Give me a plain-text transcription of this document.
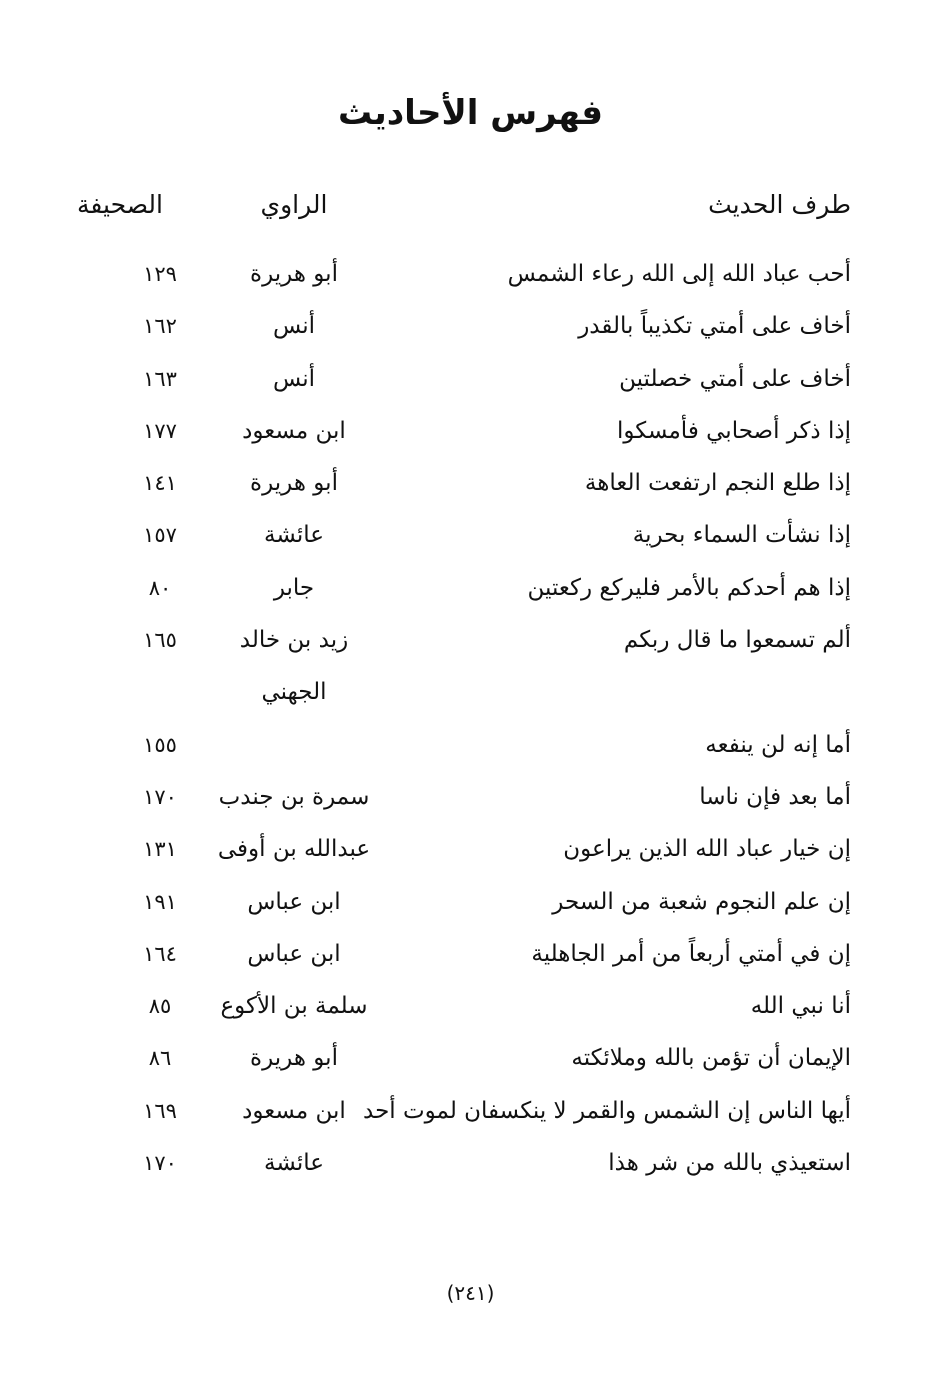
فهرس الأحاديث
طرف الحديث
الراوي
الصحيفة
أحب عباد الله إلى الله رعاء الشمس
أبو هريرة
١٢٩
أخاف على أمتي تكذيباً بالقدر
أنس
١٦٢
أخاف على أمتي خصلتين
أنس
١٦٣
إذا ذكر أصحابي فأمسكوا
ابن مسعود
١٧٧
إذا طلع النجم ارتفعت العاهة
أبو هريرة
١٤١
إذا نشأت السماء بحرية
عائشة
١٥٧
إذا هم أحدكم بالأمر فليركع ركعتين
جابر
٨٠
ألم تسمعوا ما قال ربكم
زيد بن خالد الجهني
١٦٥
أما إنه لن ينفعه
١٥٥
أما بعد فإن ناسا
سمرة بن جندب
١٧٠
إن خيار عباد الله الذين يراعون
عبدالله بن أوفى
١٣١
إن علم النجوم شعبة من السحر
ابن عباس
١٩١
إن في أمتي أربعاً من أمر الجاهلية
ابن عباس
١٦٤
أنا نبي الله
سلمة بن الأكوع
٨٥
الإيمان أن تؤمن بالله وملائكته
أبو هريرة
٨٦
أيها الناس إن الشمس والقمر لا ينكسفان لموت أحد
ابن مسعود
١٦٩
استعيذي بالله من شر هذا
عائشة
١٧٠
(٢٤١)
